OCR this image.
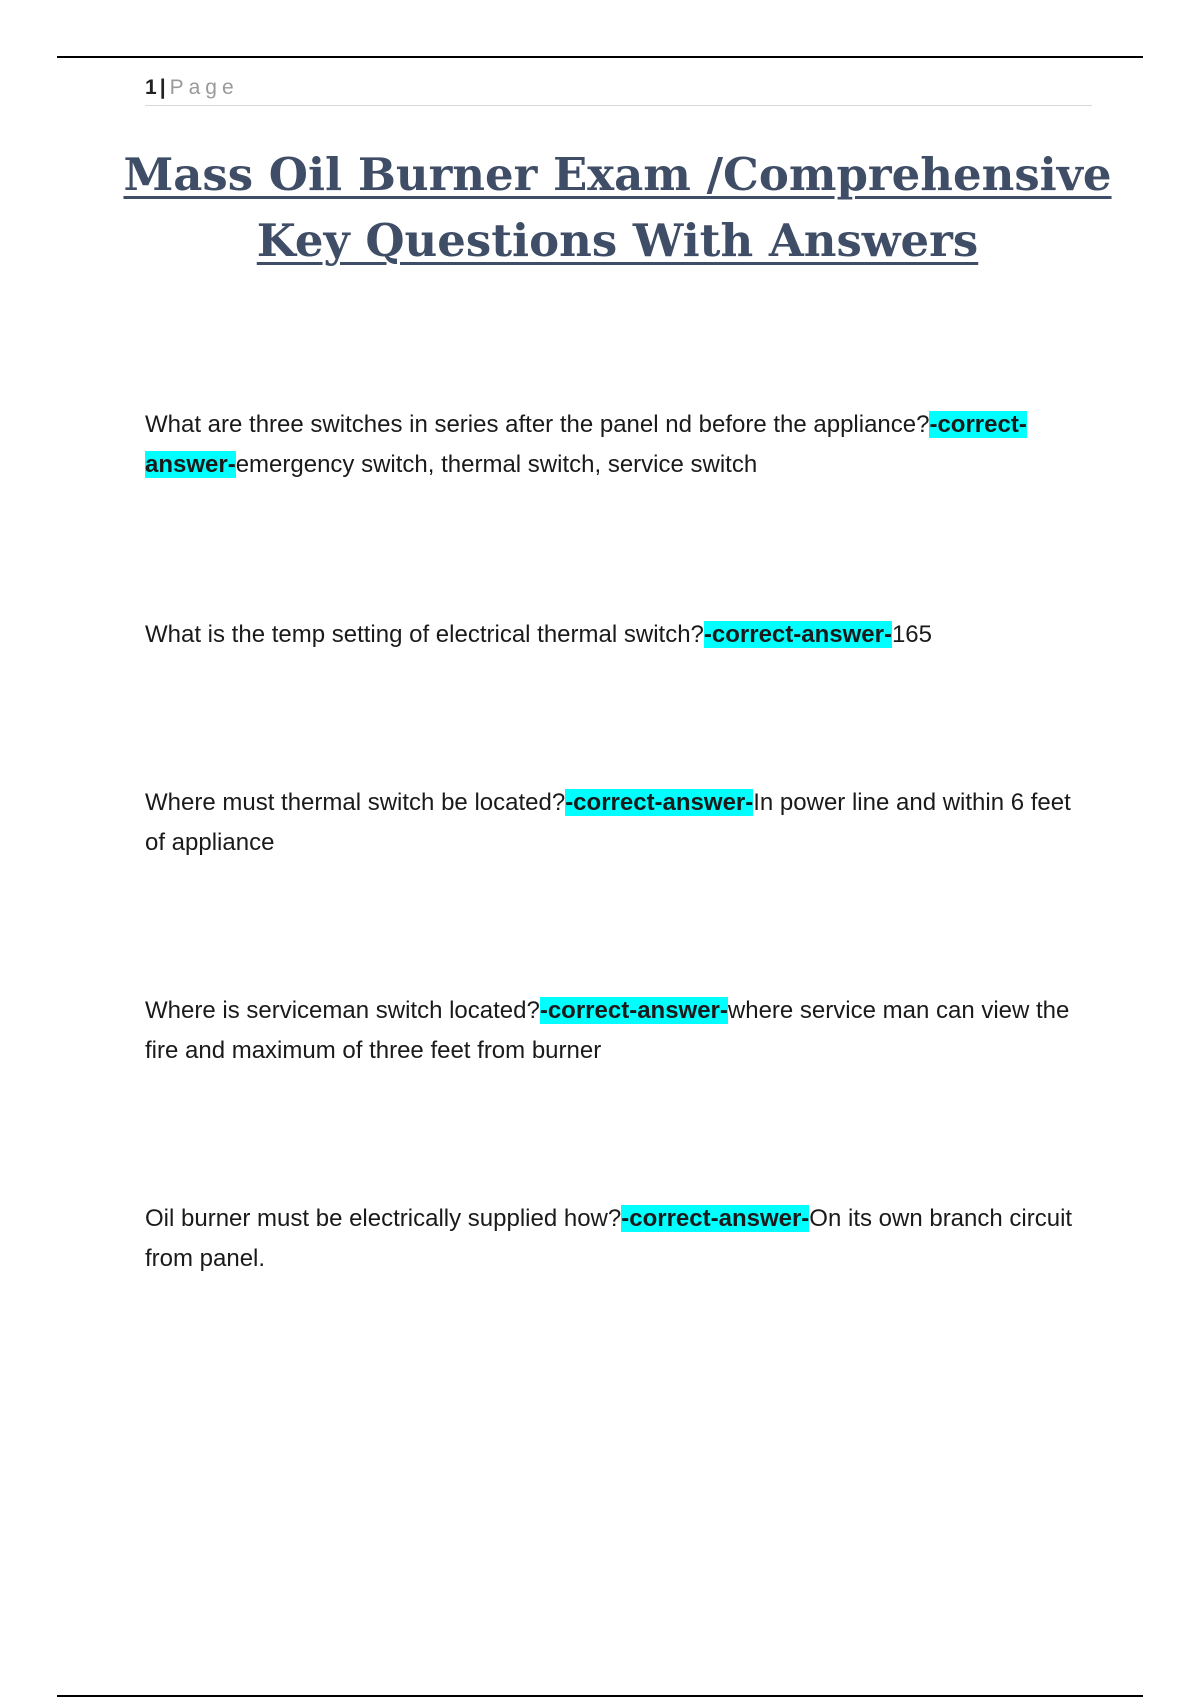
1 | Page
Mass Oil Burner Exam /Comprehensive Key Questions With Answers

What are three switches in series after the panel nd before the appliance?-correct-answer-emergency switch, thermal switch, service switch

What is the temp setting of electrical thermal switch?-correct-answer-165

Where must thermal switch be located?-correct-answer-In power line and within 6 feet of appliance

Where is serviceman switch located?-correct-answer-where service man can view the fire and maximum of three feet from burner

Oil burner must be electrically supplied how?-correct-answer-On its own branch circuit from panel.
